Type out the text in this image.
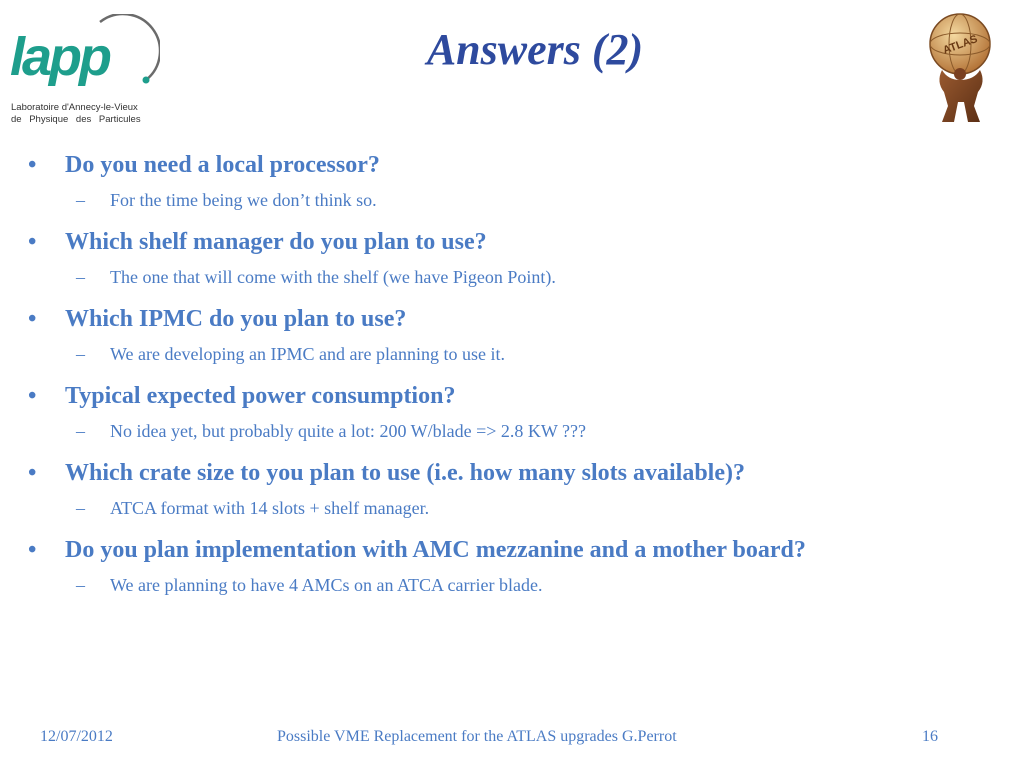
lapp
Laboratoire d'Annecy-le-Vieux
de Physique des Particules
Answers (2)	ATLAS

• Do you need a local processor?

– For the time being we don’t think so.

• Which shelf manager do you plan to use?

– The one that will come with the shelf (we have Pigeon Point).

• Which IPMC do you plan to use?

– We are developing an IPMC and are planning to use it.

• Typical expected power consumption?

– No idea yet, but probably quite a lot: 200 W/blade => 2.8 KW ???

• Which crate size to you plan to use (i.e. how many slots available)?

– ATCA format with 14 slots + shelf manager.

• Do you plan implementation with AMC mezzanine and a mother board?

– We are planning to have 4 AMCs on an ATCA carrier blade.

12/07/2012	Possible VME Replacement for the ATLAS upgrades G.Perrot	16
